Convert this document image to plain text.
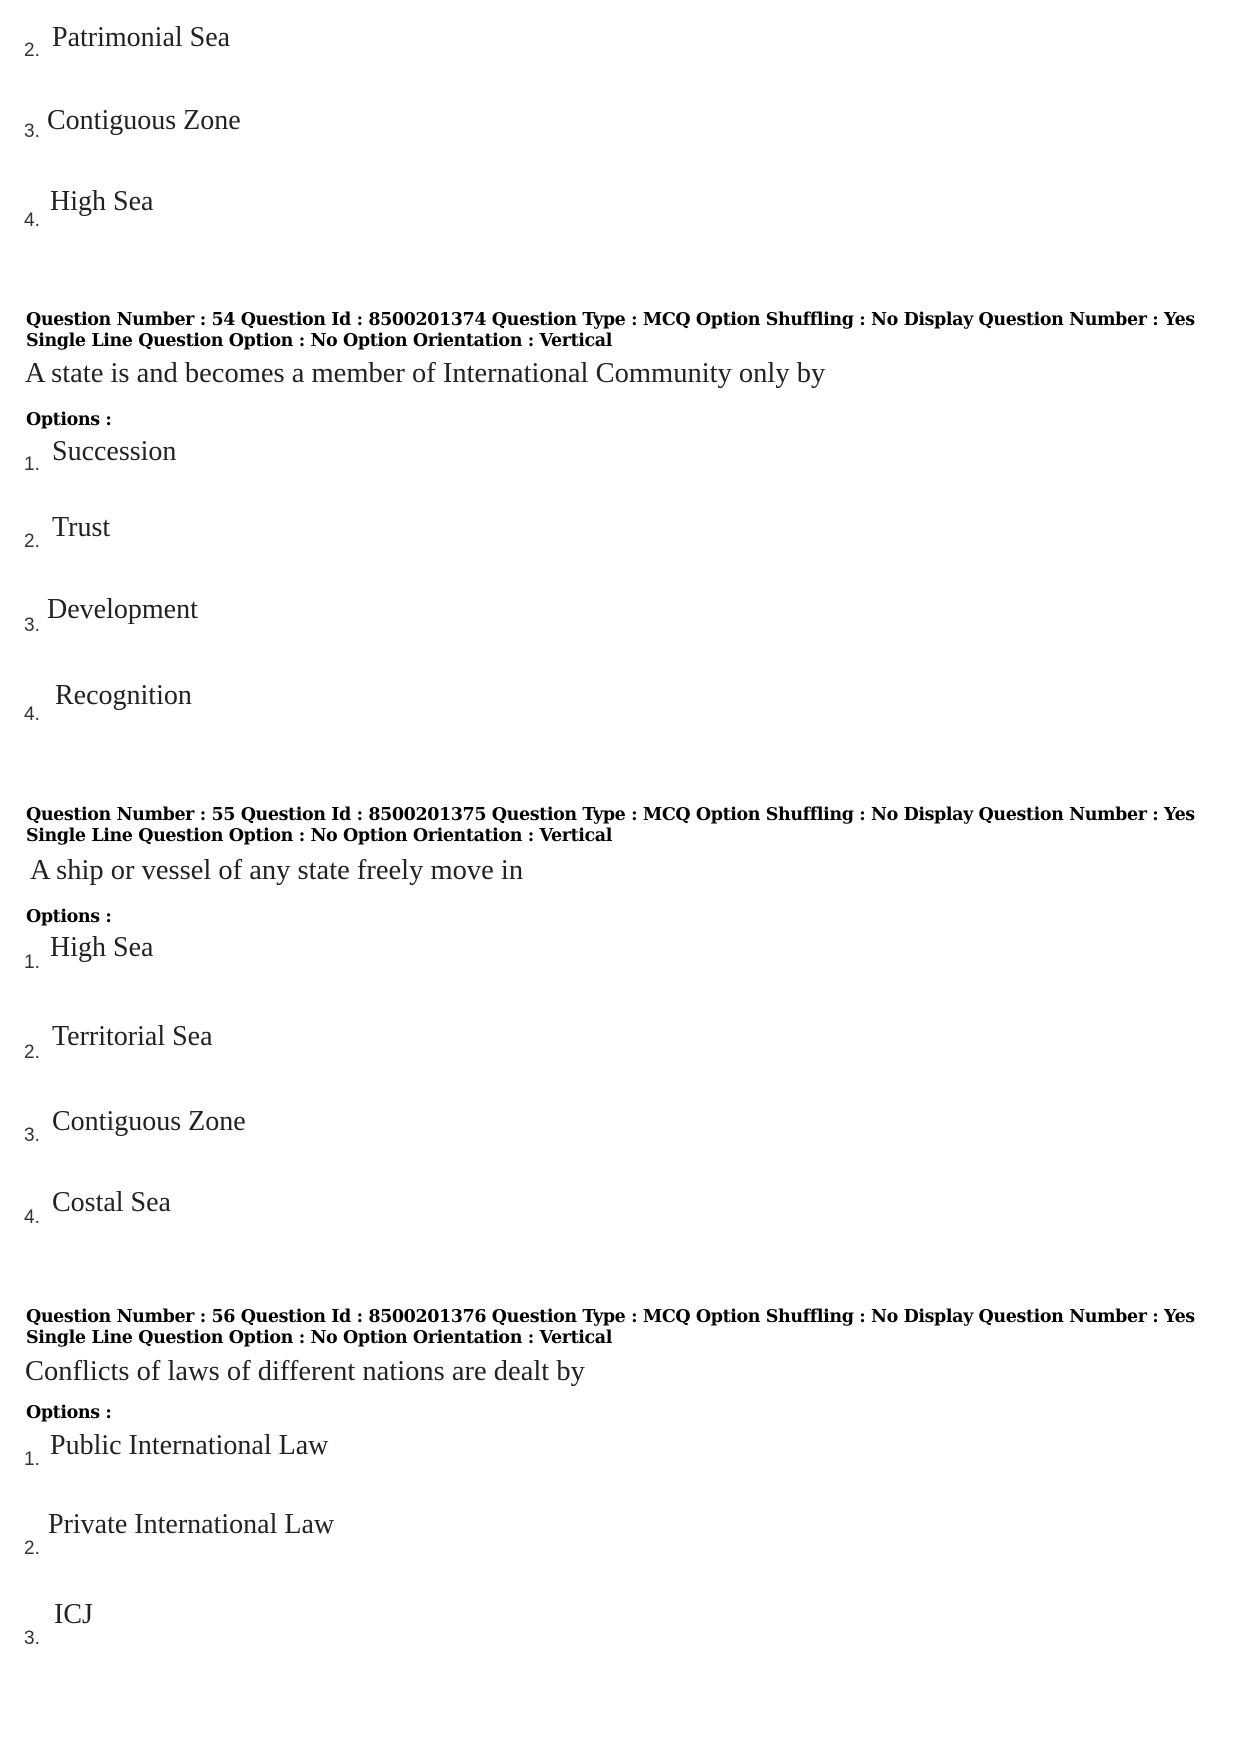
2. Patrimonial Sea
3. Contiguous Zone
4.
High Sea
Question Number : 54 Question Id : 8500201374 Question Type : MCQ Option Shuffling : No Display Question Number : Yes
Single Line Question Option : No Option Orientation : Vertical
A state is and becomes a member of International Community only by
Options :
1. Succession
2. Trust
3.
Development
4.
Recognition
Question Number : 55 Question Id : 8500201375 Question Type : MCQ Option Shuffling : No Display Question Number : Yes
Single Line Question Option : No Option Orientation : Vertical
A ship or vessel of any state freely move in
Options :
1. High Sea
2.
Territorial Sea
3. Contiguous Zone
4. Costal Sea
Question Number : 56 Question Id : 8500201376 Question Type : MCQ Option Shuffling : No Display Question Number : Yes
Single Line Question Option : No Option Orientation : Vertical
Conflicts of laws of different nations are dealt by
Options :
1. Public International Law
2.
Private International Law
3.
ICJ
